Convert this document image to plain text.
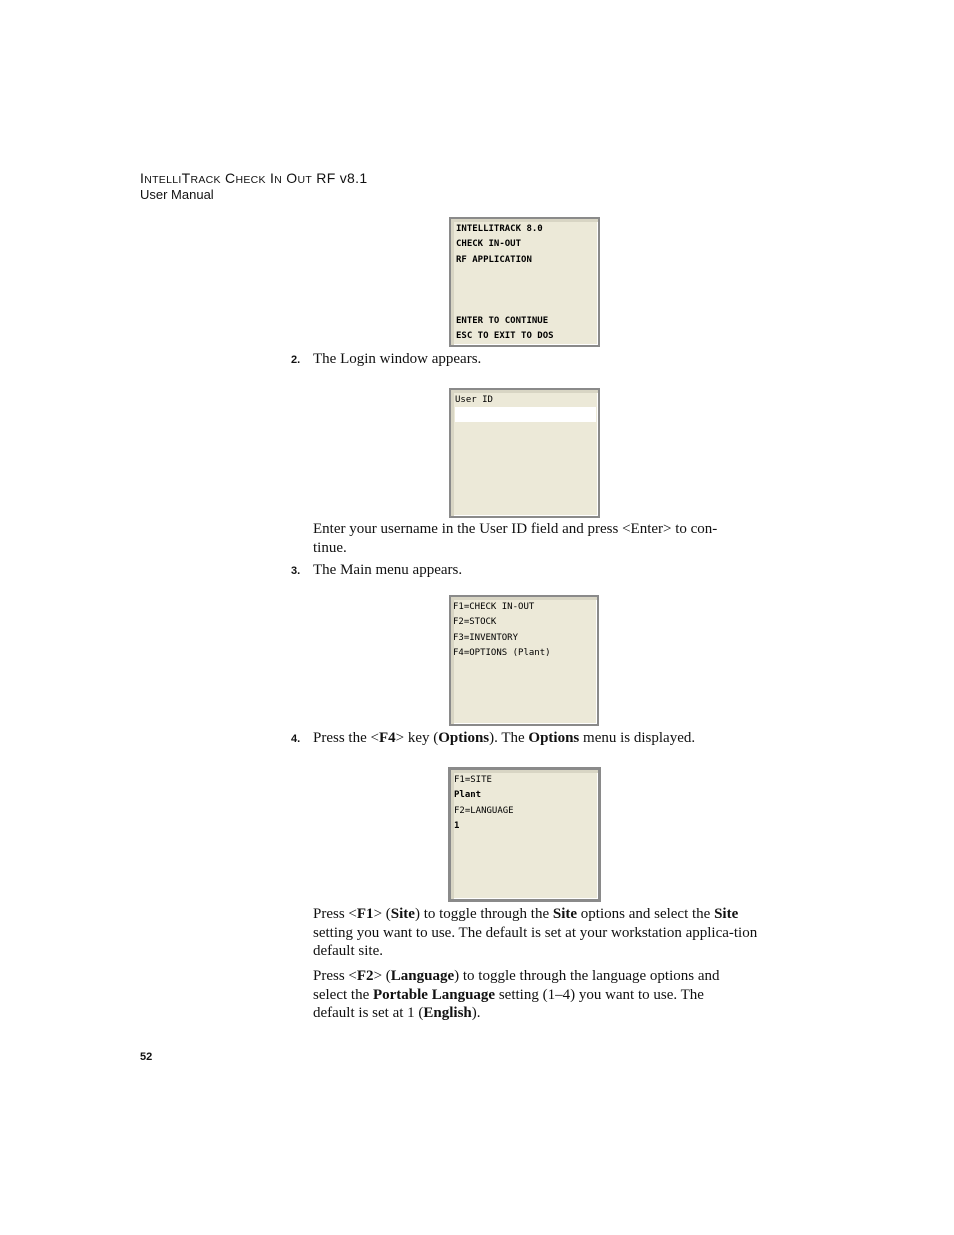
INTELLITRACK CHECK IN OUT RF v8.1
User Manual
INTELLITRACK 8.0
CHECK IN-OUT
RF APPLICATION
ENTER TO CONTINUE
ESC TO EXIT TO DOS
2. The Login window appears.
User ID
Enter your username in the User ID field and press <Enter> to con-tinue.
3. The Main menu appears.
F1=CHECK IN-OUT
F2=STOCK
F3=INVENTORY
F4=OPTIONS (Plant)
4. Press the <F4> key (Options). The Options menu is displayed.
F1=SITE
Plant
F2=LANGUAGE
1
Press <F1> (Site) to toggle through the Site options and select the Site setting you want to use. The default is set at your workstation applica-tion default site.
Press <F2> (Language) to toggle through the language options and select the Portable Language setting (1–4) you want to use. The default is set at 1 (English).
52
